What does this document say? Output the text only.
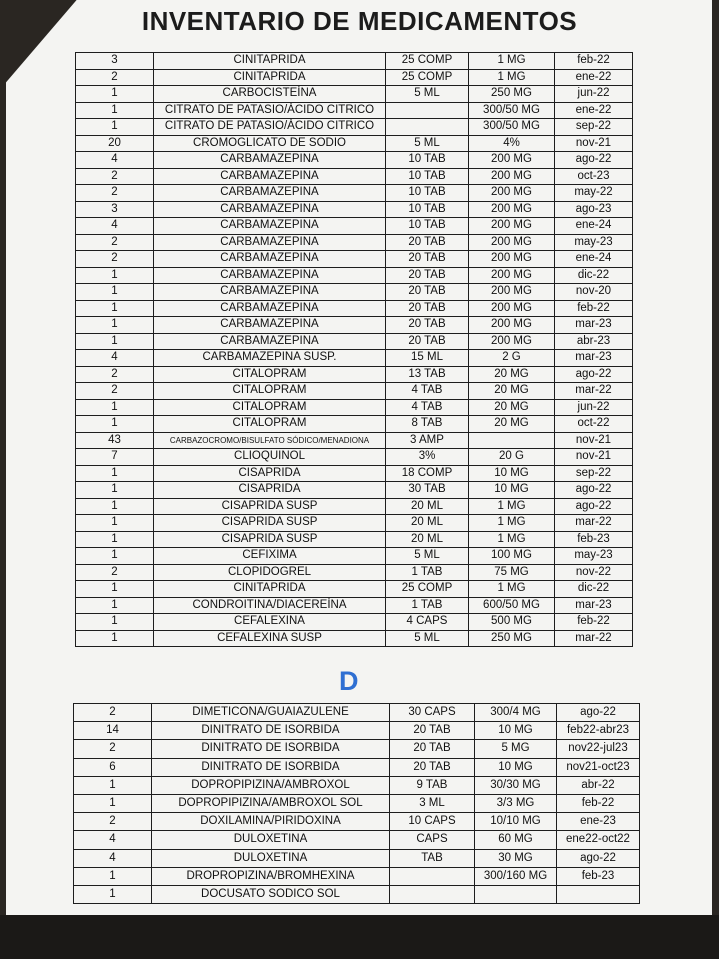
INVENTARIO DE MEDICAMENTOS
3	CINITAPRIDA	25 COMP	1 MG	feb-22
2	CINITAPRIDA	25 COMP	1 MG	ene-22
1	CARBOCISTEÍNA	5 ML	250 MG	jun-22
1	CITRATO DE PATASIO/ÁCIDO CITRICO		300/50 MG	ene-22
1	CITRATO DE PATASIO/ÁCIDO CITRICO		300/50 MG	sep-22
20	CROMOGLICATO DE SODIO	5 ML	4%	nov-21
4	CARBAMAZEPINA	10 TAB	200 MG	ago-22
2	CARBAMAZEPINA	10 TAB	200 MG	oct-23
2	CARBAMAZEPINA	10 TAB	200 MG	may-22
3	CARBAMAZEPINA	10 TAB	200 MG	ago-23
4	CARBAMAZEPINA	10 TAB	200 MG	ene-24
2	CARBAMAZEPINA	20 TAB	200 MG	may-23
2	CARBAMAZEPINA	20 TAB	200 MG	ene-24
1	CARBAMAZEPINA	20 TAB	200 MG	dic-22
1	CARBAMAZEPINA	20 TAB	200 MG	nov-20
1	CARBAMAZEPINA	20 TAB	200 MG	feb-22
1	CARBAMAZEPINA	20 TAB	200 MG	mar-23
1	CARBAMAZEPINA	20 TAB	200 MG	abr-23
4	CARBAMAZEPINA SUSP.	15 ML	2 G	mar-23
2	CITALOPRAM	13 TAB	20 MG	ago-22
2	CITALOPRAM	4 TAB	20 MG	mar-22
1	CITALOPRAM	4 TAB	20 MG	jun-22
1	CITALOPRAM	8 TAB	20 MG	oct-22
43	CARBAZOCROMO/BISULFATO SÓDICO/MENADIONA	3 AMP		nov-21
7	CLIOQUINOL	3%	20 G	nov-21
1	CISAPRIDA	18 COMP	10 MG	sep-22
1	CISAPRIDA	30 TAB	10 MG	ago-22
1	CISAPRIDA SUSP	20 ML	1 MG	ago-22
1	CISAPRIDA SUSP	20 ML	1 MG	mar-22
1	CISAPRIDA SUSP	20 ML	1 MG	feb-23
1	CEFIXIMA	5 ML	100 MG	may-23
2	CLOPIDOGREL	1 TAB	75 MG	nov-22
1	CINITAPRIDA	25 COMP	1 MG	dic-22
1	CONDROITINA/DIACEREÍNA	1 TAB	600/50 MG	mar-23
1	CEFALEXINA	4 CAPS	500 MG	feb-22
1	CEFALEXINA SUSP	5 ML	250 MG	mar-22
D
2	DIMETICONA/GUAIAZULENE	30 CAPS	300/4 MG	ago-22
14	DINITRATO DE ISORBIDA	20 TAB	10 MG	feb22-abr23
2	DINITRATO DE ISORBIDA	20 TAB	5 MG	nov22-jul23
6	DINITRATO DE ISORBIDA	20 TAB	10 MG	nov21-oct23
1	DOPROPIPIZINA/AMBROXOL	9 TAB	30/30 MG	abr-22
1	DOPROPIPIZINA/AMBROXOL SOL	3 ML	3/3 MG	feb-22
2	DOXILAMINA/PIRIDOXINA	10 CAPS	10/10 MG	ene-23
4	DULOXETINA	CAPS	60 MG	ene22-oct22
4	DULOXETINA	TAB	30 MG	ago-22
1	DROPROPIZINA/BROMHEXINA		300/160 MG	feb-23
1	DOCUSATO SODICO SOL			
